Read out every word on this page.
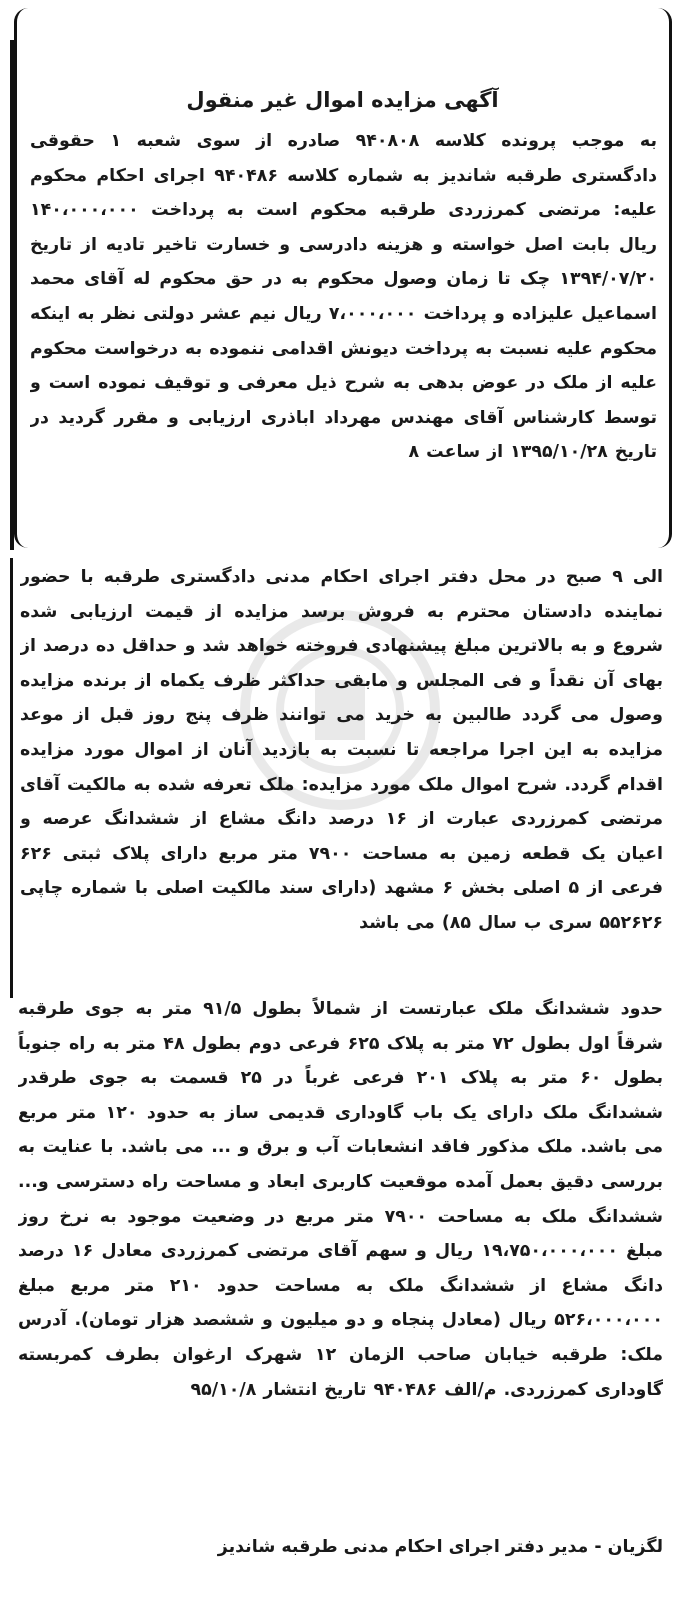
آگهی مزایده اموال غیر منقول
به موجب پرونده کلاسه ۹۴۰۸۰۸ صادره از سوی شعبه ۱ حقوقی دادگستری طرقبه شاندیز به شماره کلاسه ۹۴۰۴۸۶ اجرای احکام محکوم علیه: مرتضی کمرزردی طرقبه محکوم است به پرداخت ۱۴۰،۰۰۰،۰۰۰ ریال بابت اصل خواسته و هزینه دادرسی و خسارت تاخیر تادیه از تاریخ ۱۳۹۴/۰۷/۲۰ چک تا زمان وصول محکوم به در حق محکوم له آقای محمد اسماعیل علیزاده و پرداخت ۷،۰۰۰،۰۰۰ ریال نیم عشر دولتی نظر به اینکه محکوم علیه نسبت به پرداخت دیونش اقدامی ننموده به درخواست محکوم علیه از ملک در عوض بدهی به شرح ذیل معرفی و توقیف نموده است و توسط کارشناس آقای مهندس مهرداد اباذری ارزیابی و مقرر گردید در تاریخ ۱۳۹۵/۱۰/۲۸ از ساعت ۸
الی ۹ صبح در محل دفتر اجرای احکام مدنی دادگستری طرقبه با حضور نماینده دادستان محترم به فروش برسد مزایده از قیمت ارزیابی شده شروع و به بالاترین مبلغ پیشنهادی فروخته خواهد شد و حداقل ده درصد از بهای آن نقداً و فی المجلس و مابقی حداکثر ظرف یکماه از برنده مزایده وصول می گردد طالبین به خرید می توانند ظرف پنج روز قبل از موعد مزایده به این اجرا مراجعه تا نسبت به بازدید آنان از اموال مورد مزایده اقدام گردد. شرح اموال ملک مورد مزایده: ملک تعرفه شده به مالکیت آقای مرتضی کمرزردی عبارت از ۱۶ درصد دانگ مشاع از ششدانگ عرصه و اعیان یک قطعه زمین به مساحت ۷۹۰۰ متر مربع دارای پلاک ثبتی ۶۲۶ فرعی از ۵ اصلی بخش ۶ مشهد (دارای سند مالکیت اصلی با شماره چاپی ۵۵۲۶۲۶ سری ب سال ۸۵) می باشد
حدود ششدانگ ملک عبارتست از شمالاً بطول ۹۱/۵ متر به جوی طرقبه شرقاً اول بطول ۷۲ متر به پلاک ۶۲۵ فرعی دوم بطول ۴۸ متر به راه جنوباً بطول ۶۰ متر به پلاک ۲۰۱ فرعی غرباً در ۲۵ قسمت به جوی طرقدر ششدانگ ملک دارای یک باب گاوداری قدیمی ساز به حدود ۱۲۰ متر مربع می باشد. ملک مذکور فاقد انشعابات آب و برق و ... می باشد. با عنایت به بررسی دقیق بعمل آمده موقعیت کاربری ابعاد و مساحت راه دسترسی و... ششدانگ ملک به مساحت ۷۹۰۰ متر مربع در وضعیت موجود به نرخ روز مبلغ ۱۹،۷۵۰،۰۰۰،۰۰۰ ریال و سهم آقای مرتضی کمرزردی معادل ۱۶ درصد دانگ مشاع از ششدانگ ملک به مساحت حدود ۲۱۰ متر مربع مبلغ ۵۲۶،۰۰۰،۰۰۰ ریال (معادل پنجاه و دو میلیون و ششصد هزار تومان). آدرس ملک: طرقبه خیابان صاحب الزمان ۱۲ شهرک ارغوان بطرف کمربسته گاوداری کمرزردی. م/الف ۹۴۰۴۸۶ تاریخ انتشار ۹۵/۱۰/۸
لگزیان - مدیر دفتر اجرای احکام مدنی طرقبه شاندیز
